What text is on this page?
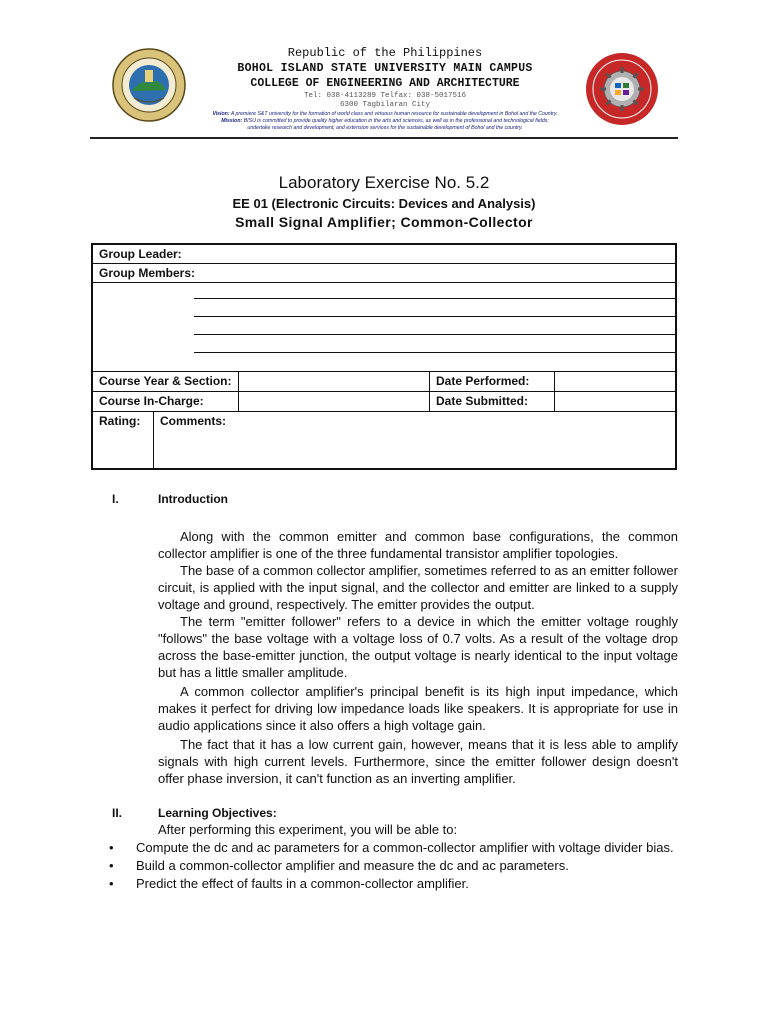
Republic of the Philippines
BOHOL ISLAND STATE UNIVERSITY MAIN CAMPUS
COLLEGE OF ENGINEERING AND ARCHITECTURE
Tel: 038-4113289 Telfax: 038-5017516
6300 Tagbilaran City
Vision: A premiere S&T university for the formation of world class and virtuous human resource for sustainable development in Bohol and the Country.
Mission: BISU is committed to provide quality higher education in the arts and sciences, as well as in the professional and technological fields;
undertake research and development, and extension services for the sustainable development of Bohol and the country.
Laboratory Exercise No. 5.2
EE 01 (Electronic Circuits: Devices and Analysis)
Small Signal Amplifier; Common-Collector
Group Leader:
Group Members:
Course Year & Section:	Date Performed:
Course In-Charge:	Date Submitted:
Rating: Comments:
I.	Introduction
Along with the common emitter and common base configurations, the common collector amplifier is one of the three fundamental transistor amplifier topologies.
The base of a common collector amplifier, sometimes referred to as an emitter follower circuit, is applied with the input signal, and the collector and emitter are linked to a supply voltage and ground, respectively. The emitter provides the output.
The term "emitter follower" refers to a device in which the emitter voltage roughly "follows" the base voltage with a voltage loss of 0.7 volts. As a result of the voltage drop across the base-emitter junction, the output voltage is nearly identical to the input voltage but has a little smaller amplitude.
A common collector amplifier's principal benefit is its high input impedance, which makes it perfect for driving low impedance loads like speakers. It is appropriate for use in audio applications since it also offers a high voltage gain.
The fact that it has a low current gain, however, means that it is less able to amplify signals with high current levels. Furthermore, since the emitter follower design doesn't offer phase inversion, it can't function as an inverting amplifier.
II.	Learning Objectives:
After performing this experiment, you will be able to:
• Compute the dc and ac parameters for a common-collector amplifier with voltage divider bias.
• Build a common-collector amplifier and measure the dc and ac parameters.
• Predict the effect of faults in a common-collector amplifier.
